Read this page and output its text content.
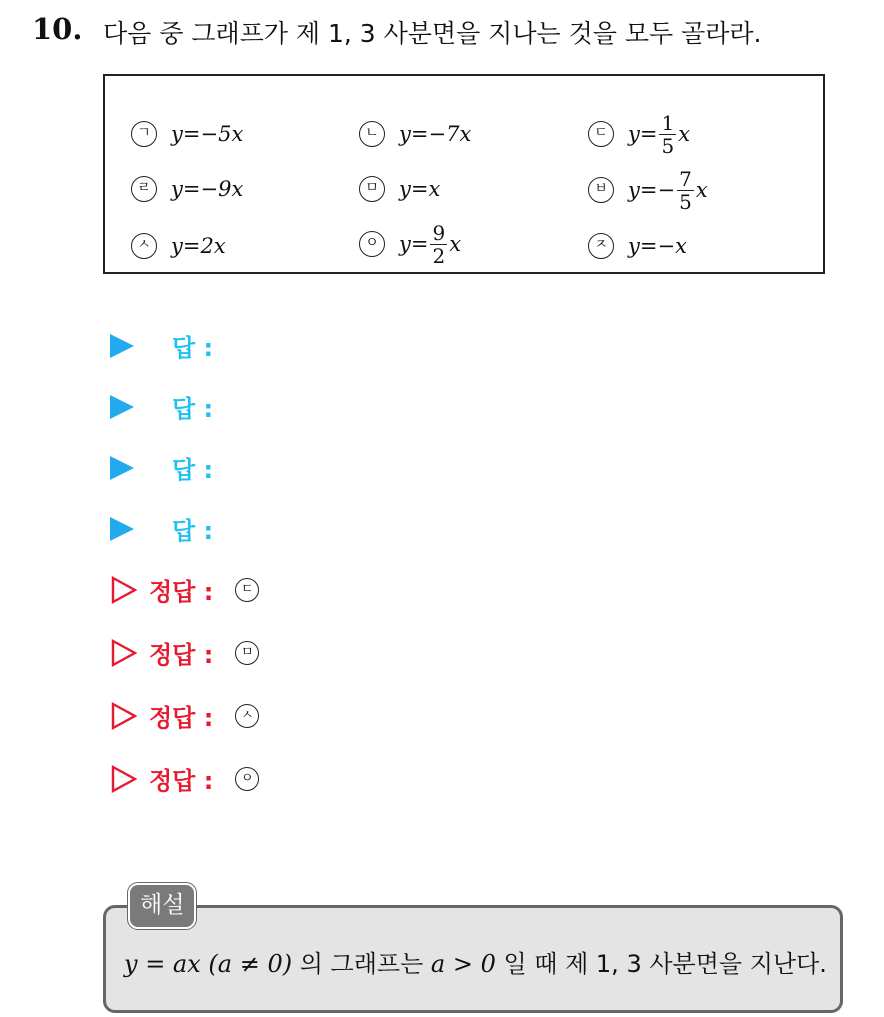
10. 다음 중 그래프가 제 1, 3 사분면을 지나는 것을 모두 골라라.
ㄱ y = −5x	ㄴ y = −7x	ㄷ $y = \frac{1}{5}$ x
ㄹ y = −9x	ㅁ y = x	ㅂ y = − $\frac{7}{5}$ x
ㅅ y = 2x	ㅇ $y = \frac{9}{2}$ x	ㅈ y = −x
답 :
답 :
답 :
답 :
정답 :	ㄷ
정답 :	ㅁ
정답 :	ㅅ
정답 :	ㅇ
해설
y = ax (a ≠ 0) 의 그래프는 a > 0 일 때 제 1, 3 사분면을 지난다.
